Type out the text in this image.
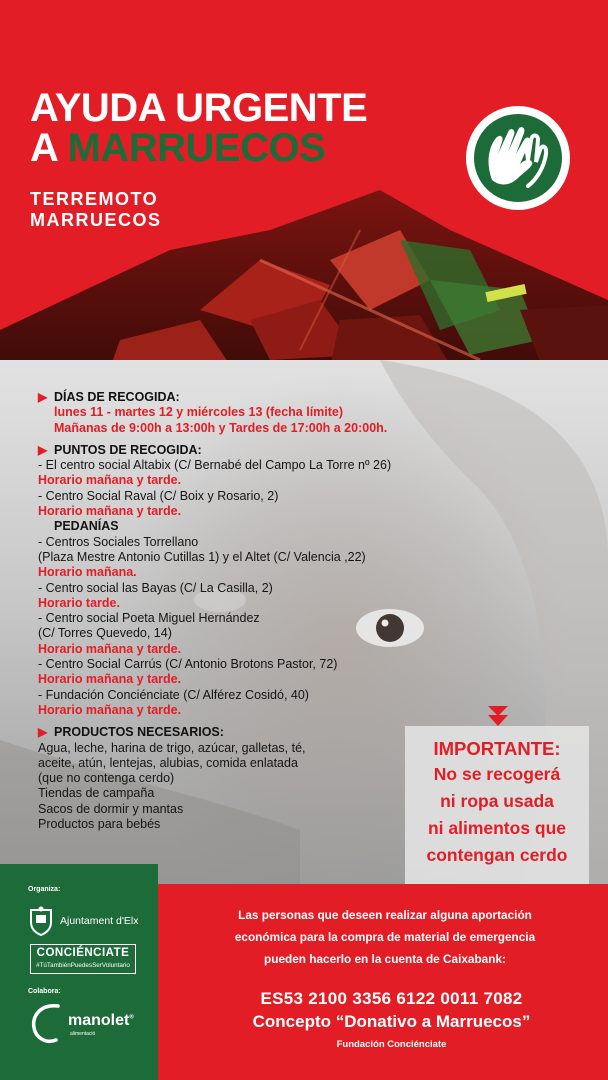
AYUDA URGENTE
A MARRUECOS
TERREMOTO
MARRUECOS
▶ DÍAS DE RECOGIDA:
lunes 11 - martes 12 y miércoles 13 (fecha límite)
Mañanas de 9:00h a 13:00h y Tardes de 17:00h a 20:00h.
▶ PUNTOS DE RECOGIDA:
- El centro social Altabix (C/ Bernabé del Campo La Torre nº 26)
Horario mañana y tarde.
- Centro Social Raval (C/ Boix y Rosario, 2)
Horario mañana y tarde.
PEDANÍAS
- Centros Sociales Torrellano
(Plaza Mestre Antonio Cutillas 1) y el Altet (C/ Valencia ,22)
Horario mañana.
- Centro social las Bayas (C/ La Casilla, 2)
Horario tarde.
- Centro social Poeta Miguel Hernández
(C/ Torres Quevedo, 14)
Horario mañana y tarde.
- Centro Social Carrús (C/ Antonio Brotons Pastor, 72)
Horario mañana y tarde.
- Fundación Conciénciate (C/ Alférez Cosidó, 40)
Horario mañana y tarde.
▶ PRODUCTOS NECESARIOS:
Agua, leche, harina de trigo, azúcar, galletas, té,
aceite, atún, lentejas, alubias, comida enlatada
(que no contenga cerdo)
Tiendas de campaña
Sacos de dormir y mantas
Productos para bebés
IMPORTANTE:
No se recogerá
ni ropa usada
ni alimentos que
contengan cerdo
Organiza:
Ajuntament d'Elx
CONCIÉNCIATE
#TúTambiénPuedesSerVoluntario
Colabora:
manolet®
alimentació
Las personas que deseen realizar alguna aportación
económica para la compra de material de emergencia
pueden hacerlo en la cuenta de Caixabank:
ES53 2100 3356 6122 0011 7082
Concepto “Donativo a Marruecos”
Fundación Conciénciate
